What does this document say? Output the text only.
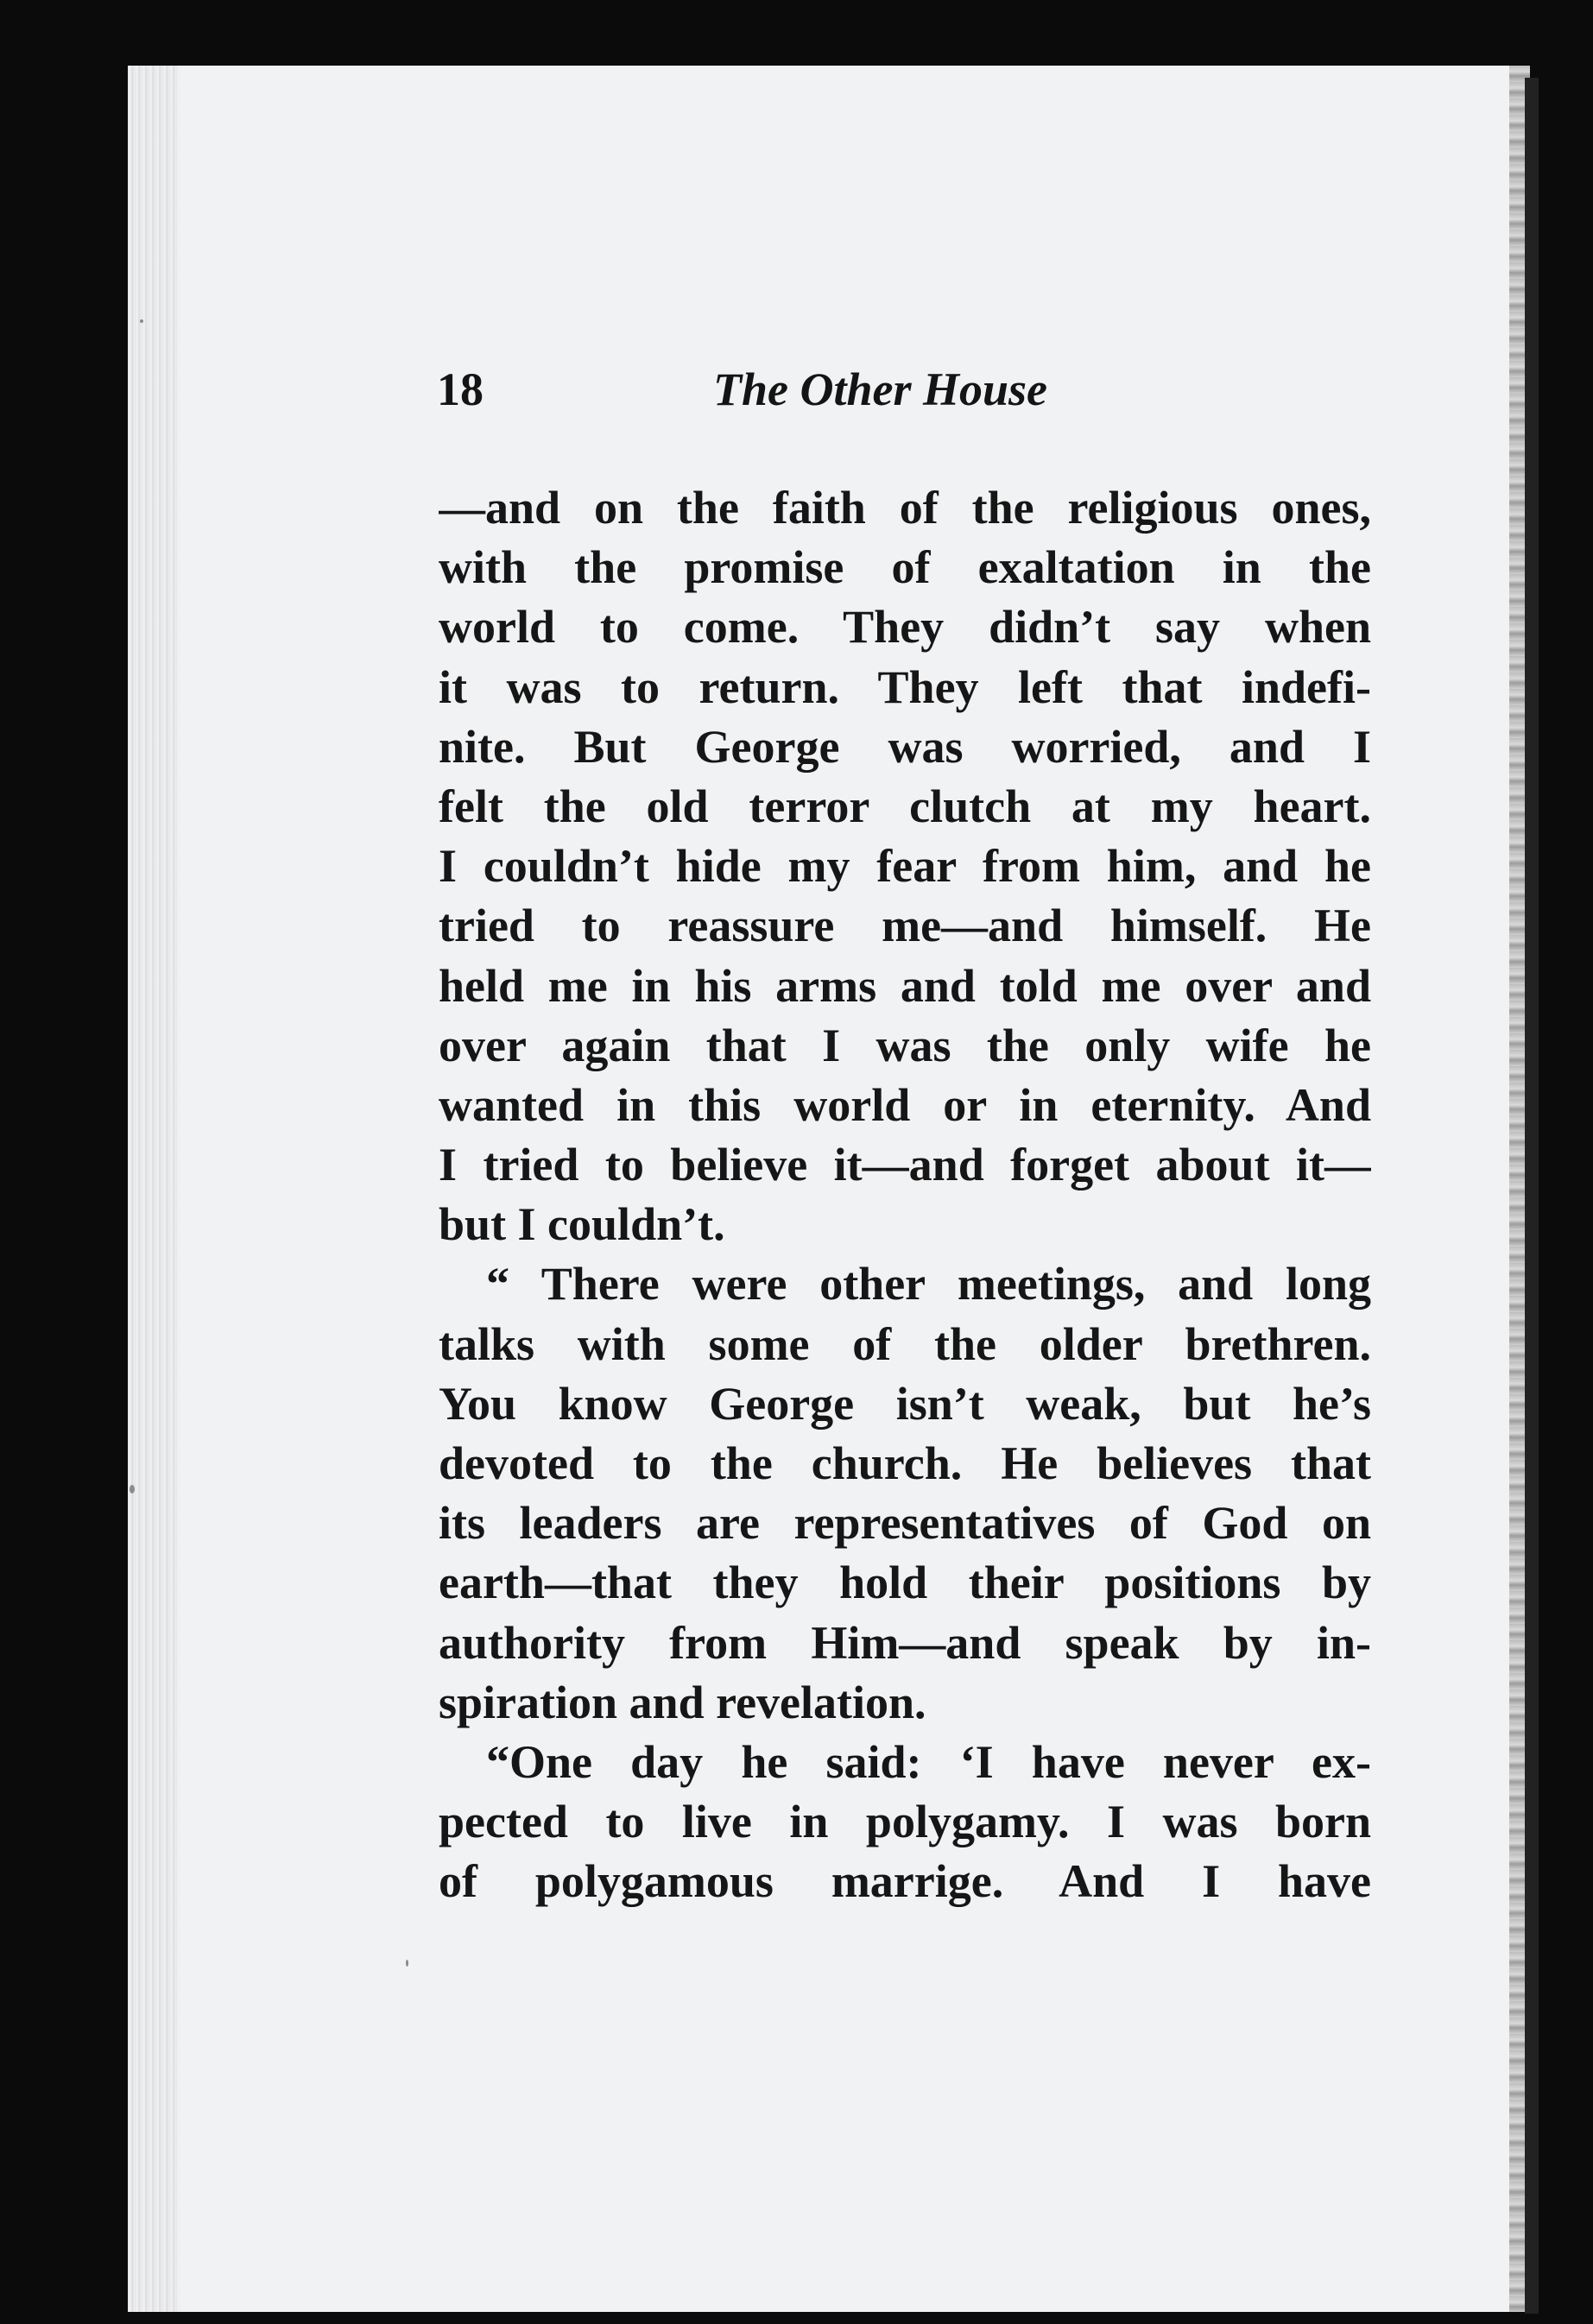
18	The Other House
—and on the faith of the religious ones,
with the promise of exaltation in the
world to come. They didn’t say when
it was to return. They left that indefi-
nite. But George was worried, and I
felt the old terror clutch at my heart.
I couldn’t hide my fear from him, and he
tried to reassure me—and himself. He
held me in his arms and told me over and
over again that I was the only wife he
wanted in this world or in eternity. And
I tried to believe it—and forget about it—
but I couldn’t.
“ There were other meetings, and long
talks with some of the older brethren.
You know George isn’t weak, but he’s
devoted to the church. He believes that
its leaders are representatives of God on
earth—that they hold their positions by
authority from Him—and speak by in-
spiration and revelation.
“One day he said: ‘I have never ex-
pected to live in polygamy. I was born
of polygamous marrige. And I have
